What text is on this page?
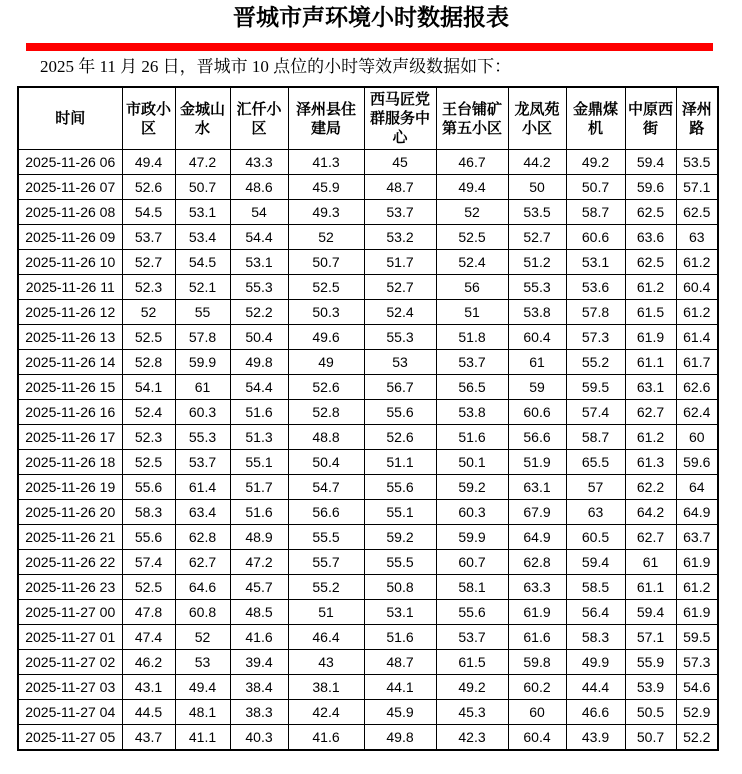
晋城市声环境小时数据报表

2025 年 11 月 26 日，晋城市 10 点位的小时等效声级数据如下：

时间	市政小区	金城山水	汇仟小区	泽州县住建局	西马匠党群服务中心	王台铺矿第五小区	龙凤苑小区	金鼎煤机	中原西街	泽州路
2025-11-26 06	49.4	47.2	43.3	41.3	45	46.7	44.2	49.2	59.4	53.5
2025-11-26 07	52.6	50.7	48.6	45.9	48.7	49.4	50	50.7	59.6	57.1
2025-11-26 08	54.5	53.1	54	49.3	53.7	52	53.5	58.7	62.5	62.5
2025-11-26 09	53.7	53.4	54.4	52	53.2	52.5	52.7	60.6	63.6	63
2025-11-26 10	52.7	54.5	53.1	50.7	51.7	52.4	51.2	53.1	62.5	61.2
2025-11-26 11	52.3	52.1	55.3	52.5	52.7	56	55.3	53.6	61.2	60.4
2025-11-26 12	52	55	52.2	50.3	52.4	51	53.8	57.8	61.5	61.2
2025-11-26 13	52.5	57.8	50.4	49.6	55.3	51.8	60.4	57.3	61.9	61.4
2025-11-26 14	52.8	59.9	49.8	49	53	53.7	61	55.2	61.1	61.7
2025-11-26 15	54.1	61	54.4	52.6	56.7	56.5	59	59.5	63.1	62.6
2025-11-26 16	52.4	60.3	51.6	52.8	55.6	53.8	60.6	57.4	62.7	62.4
2025-11-26 17	52.3	55.3	51.3	48.8	52.6	51.6	56.6	58.7	61.2	60
2025-11-26 18	52.5	53.7	55.1	50.4	51.1	50.1	51.9	65.5	61.3	59.6
2025-11-26 19	55.6	61.4	51.7	54.7	55.6	59.2	63.1	57	62.2	64
2025-11-26 20	58.3	63.4	51.6	56.6	55.1	60.3	67.9	63	64.2	64.9
2025-11-26 21	55.6	62.8	48.9	55.5	59.2	59.9	64.9	60.5	62.7	63.7
2025-11-26 22	57.4	62.7	47.2	55.7	55.5	60.7	62.8	59.4	61	61.9
2025-11-26 23	52.5	64.6	45.7	55.2	50.8	58.1	63.3	58.5	61.1	61.2
2025-11-27 00	47.8	60.8	48.5	51	53.1	55.6	61.9	56.4	59.4	61.9
2025-11-27 01	47.4	52	41.6	46.4	51.6	53.7	61.6	58.3	57.1	59.5
2025-11-27 02	46.2	53	39.4	43	48.7	61.5	59.8	49.9	55.9	57.3
2025-11-27 03	43.1	49.4	38.4	38.1	44.1	49.2	60.2	44.4	53.9	54.6
2025-11-27 04	44.5	48.1	38.3	42.4	45.9	45.3	60	46.6	50.5	52.9
2025-11-27 05	43.7	41.1	40.3	41.6	49.8	42.3	60.4	43.9	50.7	52.2
